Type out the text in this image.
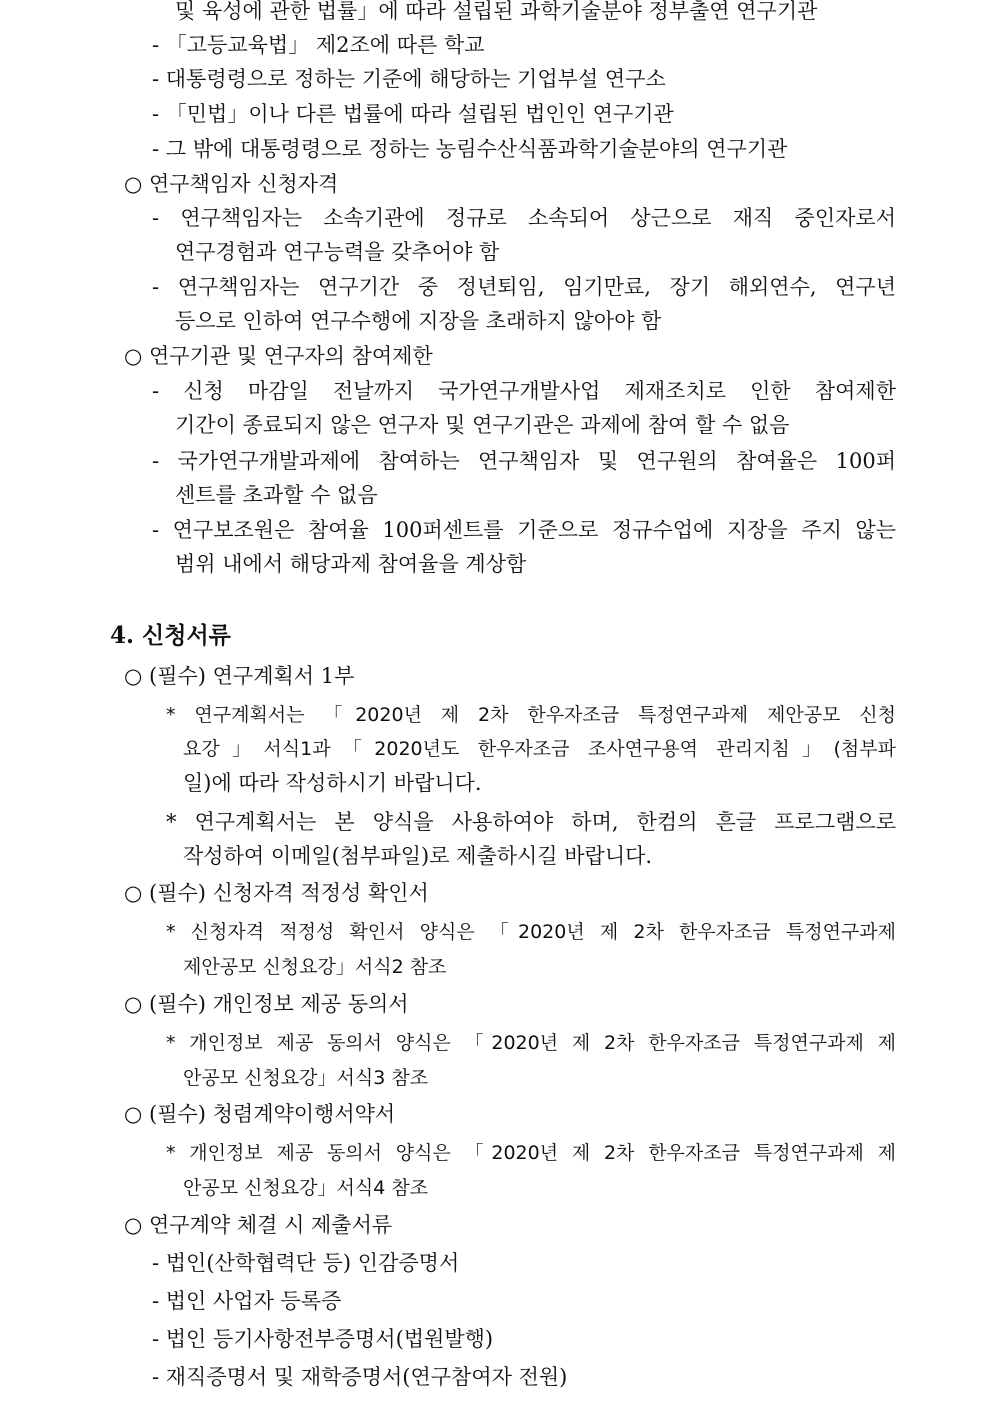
및 육성에 관한 법률」에 따라 설립된 과학기술분야 정부출연 연구기관
- 「고등교육법」 제2조에 따른 학교
- 대통령령으로 정하는 기준에 해당하는 기업부설 연구소
- 「민법」이나 다른 법률에 따라 설립된 법인인 연구기관
- 그 밖에 대통령령으로 정하는 농림수산식품과학기술분야의 연구기관
○ 연구책임자 신청자격
- 연구책임자는 소속기관에 정규로 소속되어 상근으로 재직 중인자로서
연구경험과 연구능력을 갖추어야 함
- 연구책임자는 연구기간 중 정년퇴임, 임기만료, 장기 해외연수, 연구년
등으로 인하여 연구수행에 지장을 초래하지 않아야 함
○ 연구기관 및 연구자의 참여제한
- 신청 마감일 전날까지 국가연구개발사업 제재조치로 인한 참여제한
기간이 종료되지 않은 연구자 및 연구기관은 과제에 참여 할 수 없음
- 국가연구개발과제에 참여하는 연구책임자 및 연구원의 참여율은 100퍼
센트를 초과할 수 없음
- 연구보조원은 참여율 100퍼센트를 기준으로 정규수업에 지장을 주지 않는
범위 내에서 해당과제 참여율을 계상함
4. 신청서류
○ (필수) 연구계획서 1부
* 연구계획서는 「2020년 제 2차 한우자조금 특정연구과제 제안공모 신청
요강」서식1과「2020년도 한우자조금 조사연구용역 관리지침」(첨부파
일)에 따라 작성하시기 바랍니다.
* 연구계획서는 본 양식을 사용하여야 하며, 한컴의 흔글 프로그램으로
작성하여 이메일(첨부파일)로 제출하시길 바랍니다.
○ (필수) 신청자격 적정성 확인서
* 신청자격 적정성 확인서 양식은 「2020년 제 2차 한우자조금 특정연구과제
제안공모 신청요강」서식2 참조
○ (필수) 개인정보 제공 동의서
* 개인정보 제공 동의서 양식은 「2020년 제 2차 한우자조금 특정연구과제 제
안공모 신청요강」서식3 참조
○ (필수) 청렴계약이행서약서
* 개인정보 제공 동의서 양식은 「2020년 제 2차 한우자조금 특정연구과제 제
안공모 신청요강」서식4 참조
○ 연구계약 체결 시 제출서류
- 법인(산학협력단 등) 인감증명서
- 법인 사업자 등록증
- 법인 등기사항전부증명서(법원발행)
- 재직증명서 및 재학증명서(연구참여자 전원)
